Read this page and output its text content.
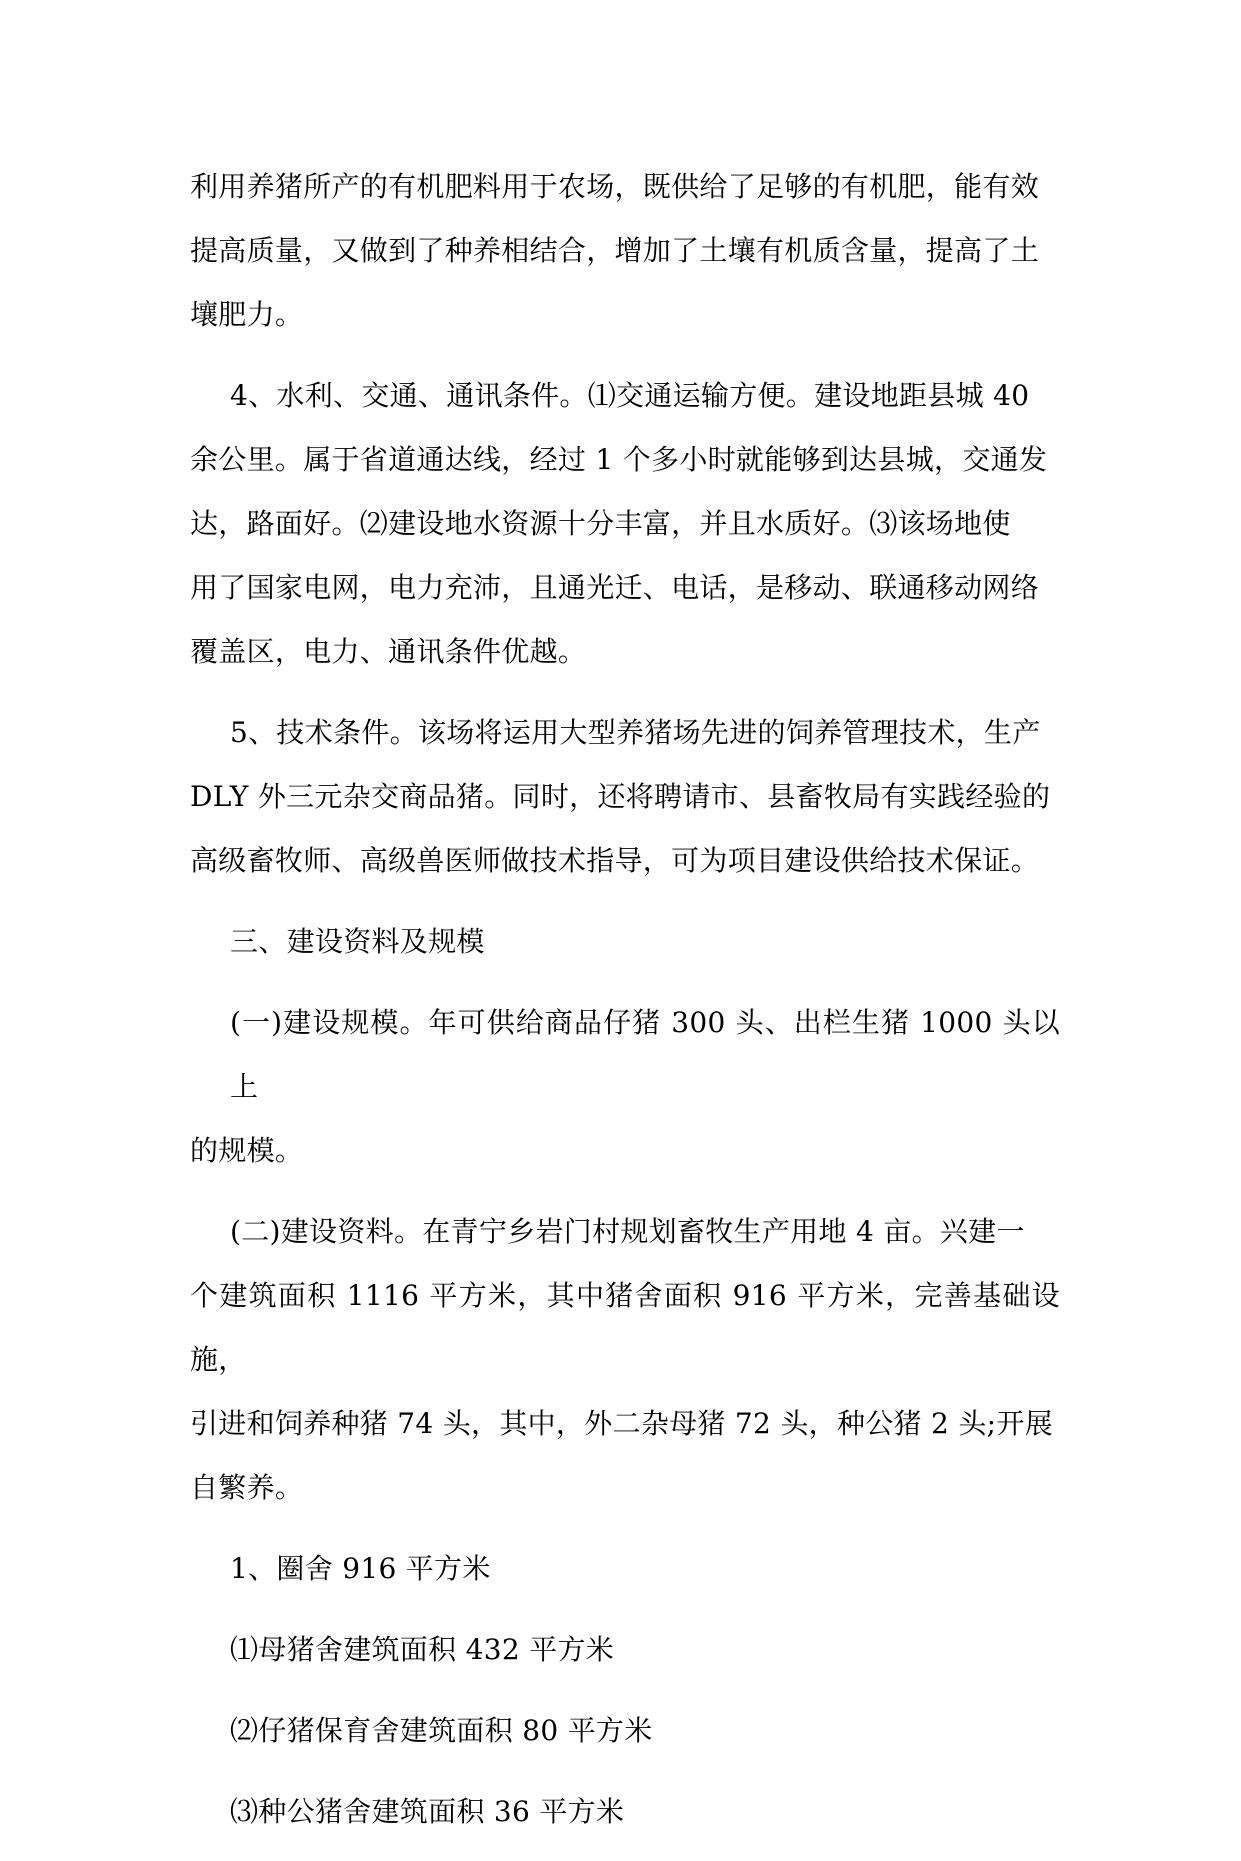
利用养猪所产的有机肥料用于农场，既供给了足够的有机肥，能有效
提高质量，又做到了种养相结合，增加了土壤有机质含量，提高了土
壤肥力。

4、水利、交通、通讯条件。⑴交通运输方便。建设地距县城 40
余公里。属于省道通达线，经过 1 个多小时就能够到达县城，交通发
达，路面好。⑵建设地水资源十分丰富，并且水质好。⑶该场地使
用了国家电网，电力充沛，且通光迁、电话，是移动、联通移动网络
覆盖区，电力、通讯条件优越。

5、技术条件。该场将运用大型养猪场先进的饲养管理技术，生产
DLY 外三元杂交商品猪。同时，还将聘请市、县畜牧局有实践经验的
高级畜牧师、高级兽医师做技术指导，可为项目建设供给技术保证。

三、建设资料及规模

(一)建设规模。年可供给商品仔猪 300 头、出栏生猪 1000 头以上
的规模。

(二)建设资料。在青宁乡岩门村规划畜牧生产用地 4 亩。兴建一
个建筑面积 1116 平方米，其中猪舍面积 916 平方米，完善基础设施，
引进和饲养种猪 74 头，其中，外二杂母猪 72 头，种公猪 2 头;开展
自繁养。

1、圈舍 916 平方米

⑴母猪舍建筑面积 432 平方米

⑵仔猪保育舍建筑面积 80 平方米

⑶种公猪舍建筑面积 36 平方米
